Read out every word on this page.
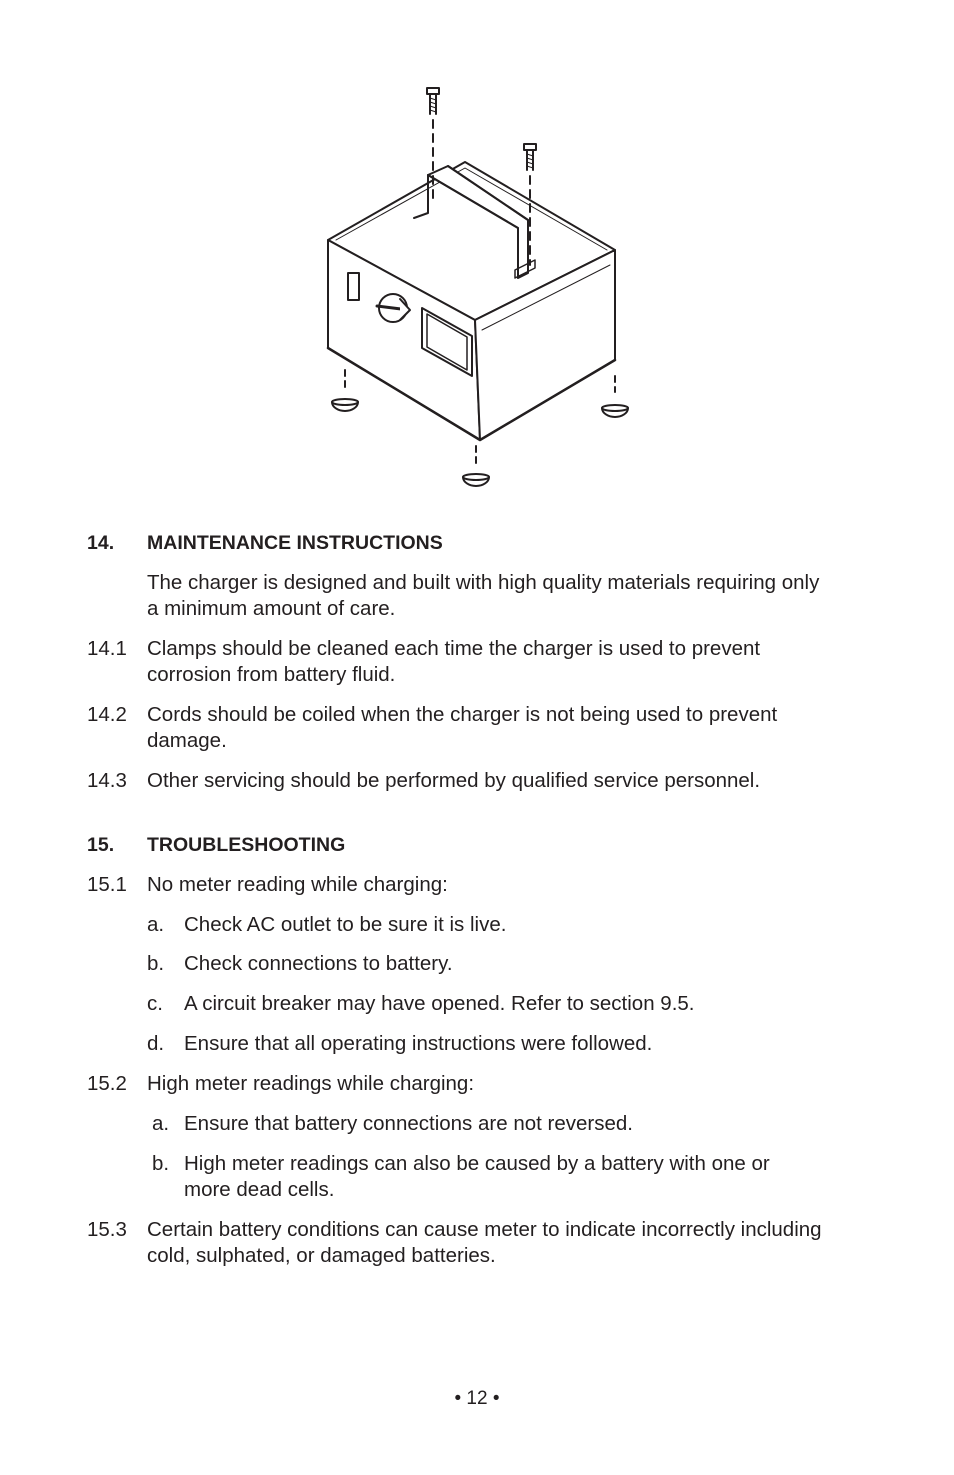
14. MAINTENANCE INSTRUCTIONS
The charger is designed and built with high quality materials requiring only
a minimum amount of care.
14.1 Clamps should be cleaned each time the charger is used to prevent
corrosion from battery fluid.
14.2 Cords should be coiled when the charger is not being used to prevent
damage.
14.3 Other servicing should be performed by qualified service personnel.
15. TROUBLESHOOTING
15.1 No meter reading while charging:
a. Check AC outlet to be sure it is live.
b. Check connections to battery.
c. A circuit breaker may have opened. Refer to section 9.5.
d. Ensure that all operating instructions were followed.
15.2 High meter readings while charging:
a. Ensure that battery connections are not reversed.
b. High meter readings can also be caused by a battery with one or
more dead cells.
15.3 Certain battery conditions can cause meter to indicate incorrectly including
cold, sulphated, or damaged batteries.
• 12 •
